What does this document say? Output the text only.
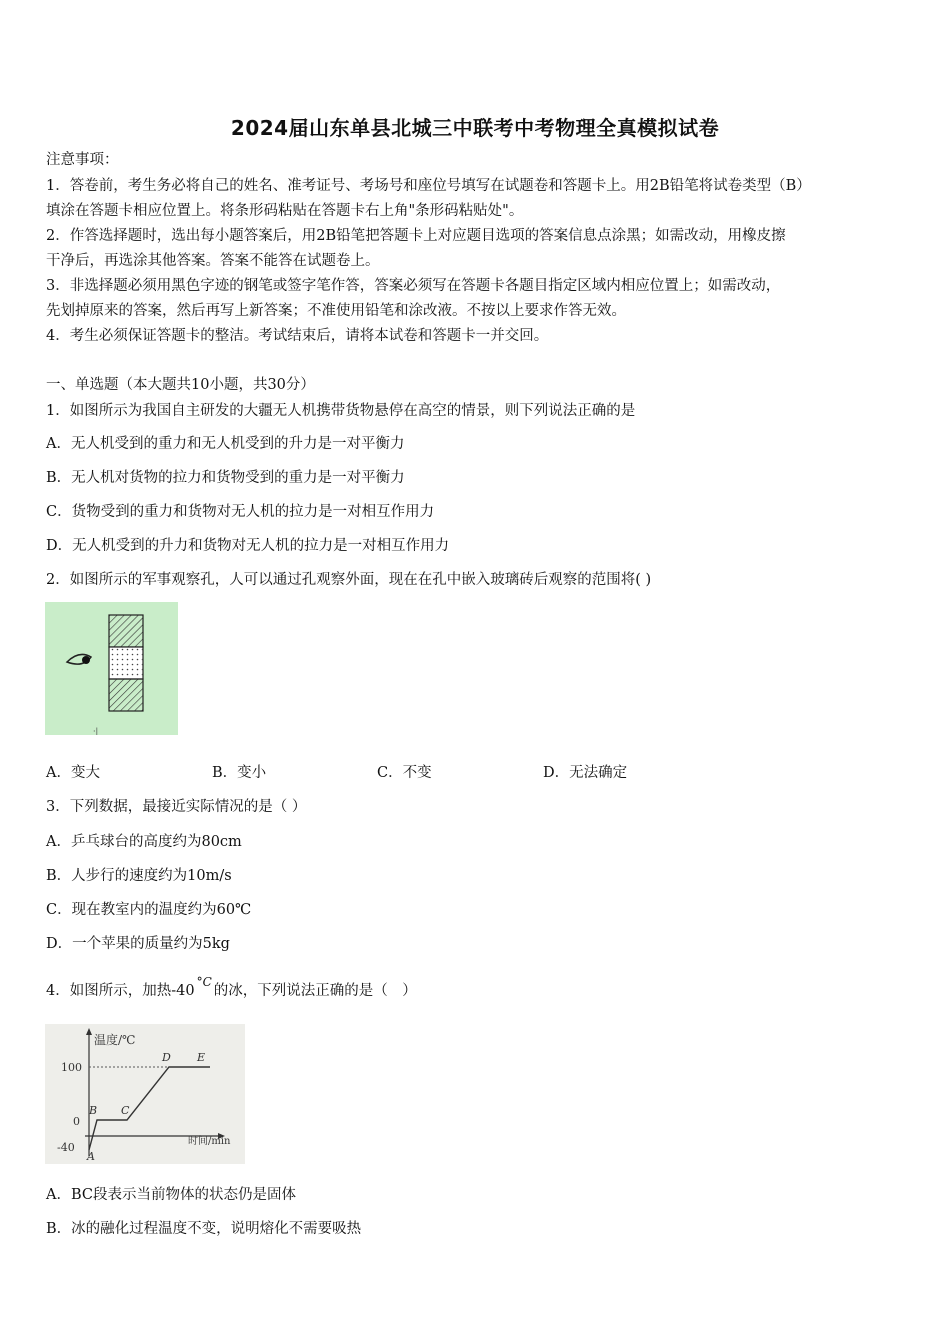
2024届山东单县北城三中联考中考物理全真模拟试卷
注意事项：
1．答卷前，考生务必将自己的姓名、准考证号、考场号和座位号填写在试题卷和答题卡上。用2B铅笔将试卷类型（B）
填涂在答题卡相应位置上。将条形码粘贴在答题卡右上角"条形码粘贴处"。
2．作答选择题时，选出每小题答案后，用2B铅笔把答题卡上对应题目选项的答案信息点涂黑；如需改动，用橡皮擦
干净后，再选涂其他答案。答案不能答在试题卷上。
3．非选择题必须用黑色字迹的钢笔或签字笔作答，答案必须写在答题卡各题目指定区域内相应位置上；如需改动，
先划掉原来的答案，然后再写上新答案；不准使用铅笔和涂改液。不按以上要求作答无效。
4．考生必须保证答题卡的整洁。考试结束后，请将本试卷和答题卡一并交回。
一、单选题（本大题共10小题，共30分）
1．如图所示为我国自主研发的大疆无人机携带货物悬停在高空的情景，则下列说法正确的是
A．无人机受到的重力和无人机受到的升力是一对平衡力
B．无人机对货物的拉力和货物受到的重力是一对平衡力
C．货物受到的重力和货物对无人机的拉力是一对相互作用力
D．无人机受到的升力和货物对无人机的拉力是一对相互作用力
2．如图所示的军事观察孔，人可以通过孔观察外面，现在在孔中嵌入玻璃砖后观察的范围将( )
·|
A．变大	B．变小	C．不变	D．无法确定
3．下列数据，最接近实际情况的是（ ）
A．乒乓球台的高度约为80cm
B．人步行的速度约为10m/s
C．现在教室内的温度约为60℃
D．一个苹果的质量约为5kg
4．如图所示，加热$-40^{^\circ C}$的冰，下列说法正确的是（　）
温度/℃
时间/min
100
0
-40
A
B C
D E
A．BC段表示当前物体的状态仍是固体
B．冰的融化过程温度不变，说明熔化不需要吸热
